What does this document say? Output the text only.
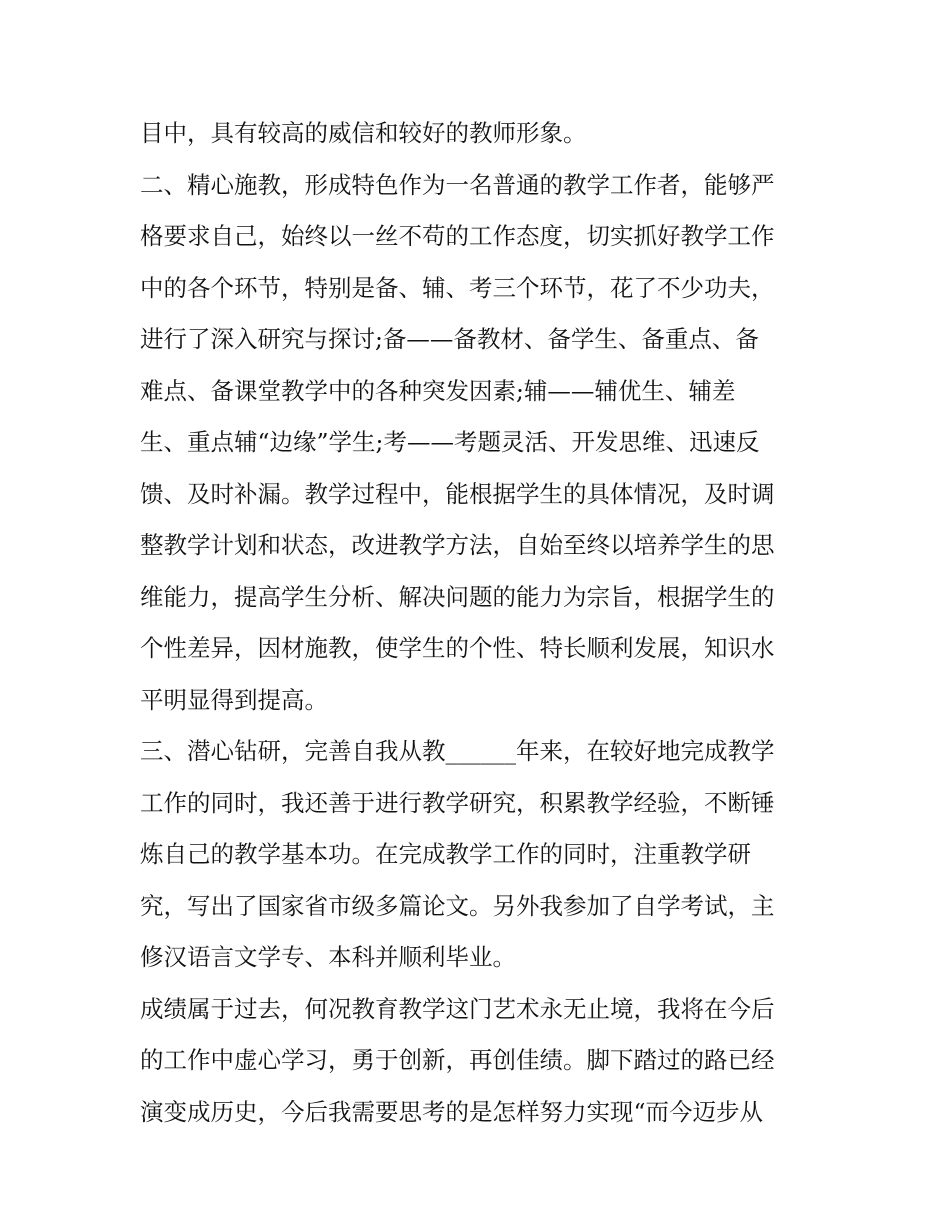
目中，具有较高的威信和较好的教师形象。
二、精心施教，形成特色作为一名普通的教学工作者，能够严
格要求自己，始终以一丝不苟的工作态度，切实抓好教学工作
中的各个环节，特别是备、辅、考三个环节，花了不少功夫，
进行了深入研究与探讨;备——备教材、备学生、备重点、备
难点、备课堂教学中的各种突发因素;辅——辅优生、辅差
生、重点辅“边缘”学生;考——考题灵活、开发思维、迅速反
馈、及时补漏。教学过程中，能根据学生的具体情况，及时调
整教学计划和状态，改进教学方法，自始至终以培养学生的思
维能力，提高学生分析、解决问题的能力为宗旨，根据学生的
个性差异，因材施教，使学生的个性、特长顺利发展，知识水
平明显得到提高。
三、潜心钻研，完善自我从教______年来，在较好地完成教学
工作的同时，我还善于进行教学研究，积累教学经验，不断锤
炼自己的教学基本功。在完成教学工作的同时，注重教学研
究，写出了国家省市级多篇论文。另外我参加了自学考试，主
修汉语言文学专、本科并顺利毕业。
成绩属于过去，何况教育教学这门艺术永无止境，我将在今后
的工作中虚心学习，勇于创新，再创佳绩。脚下踏过的路已经
演变成历史，今后我需要思考的是怎样努力实现“而今迈步从
